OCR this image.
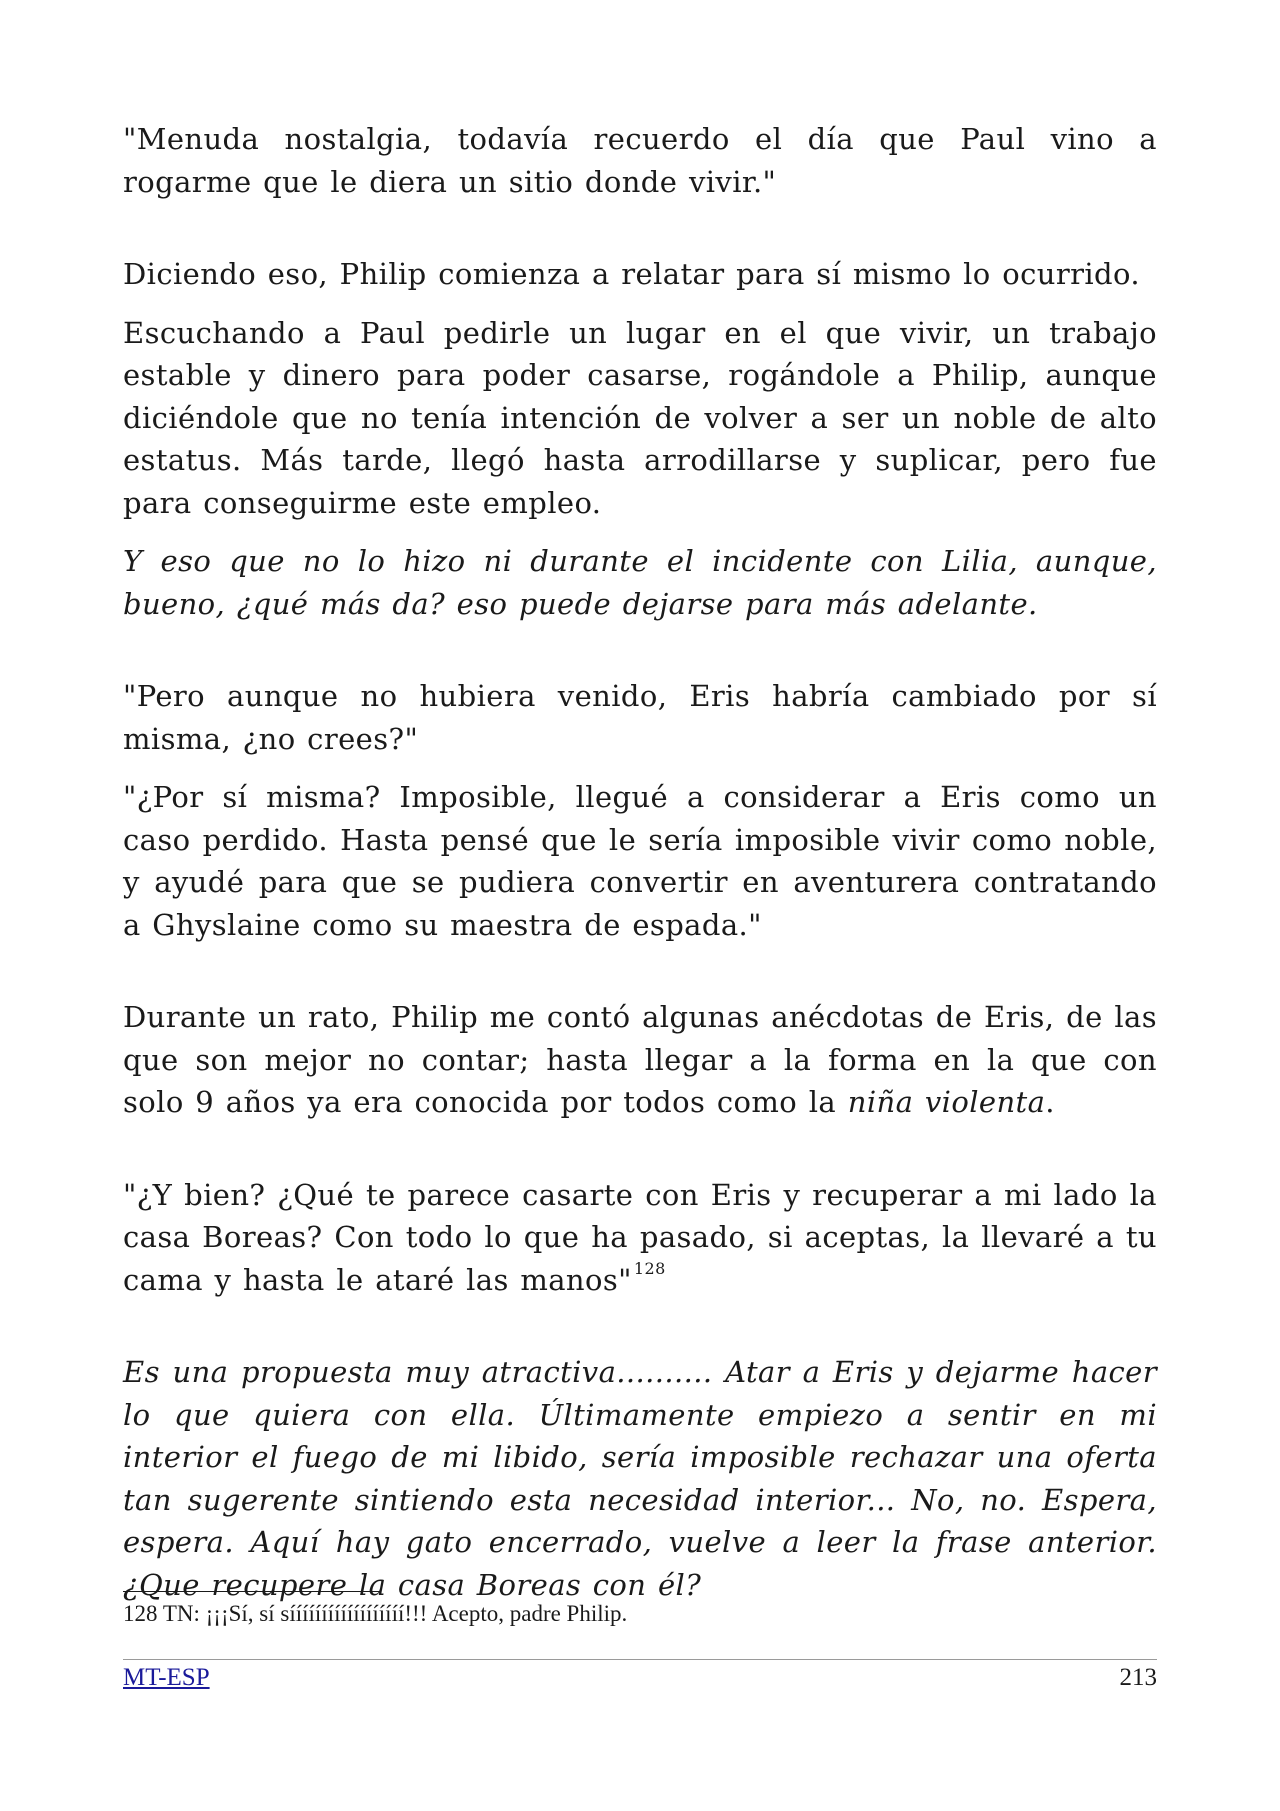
"Menuda nostalgia, todavía recuerdo el día que Paul vino a rogarme que le diera un sitio donde vivir."

Diciendo eso, Philip comienza a relatar para sí mismo lo ocurrido.

Escuchando a Paul pedirle un lugar en el que vivir, un trabajo estable y dinero para poder casarse, rogándole a Philip, aunque diciéndole que no tenía intención de volver a ser un noble de alto estatus. Más tarde, llegó hasta arrodillarse y suplicar, pero fue para conseguirme este empleo.

Y eso que no lo hizo ni durante el incidente con Lilia, aunque, bueno, ¿qué más da? eso puede dejarse para más adelante.

"Pero aunque no hubiera venido, Eris habría cambiado por sí misma, ¿no crees?"

"¿Por sí misma? Imposible, llegué a considerar a Eris como un caso perdido. Hasta pensé que le sería imposible vivir como noble, y ayudé para que se pudiera convertir en aventurera contratando a Ghyslaine como su maestra de espada."

Durante un rato, Philip me contó algunas anécdotas de Eris, de las que son mejor no contar; hasta llegar a la forma en la que con solo 9 años ya era conocida por todos como la niña violenta.

"¿Y bien? ¿Qué te parece casarte con Eris y recuperar a mi lado la casa Boreas? Con todo lo que ha pasado, si aceptas, la llevaré a tu cama y hasta le ataré las manos" $^{128}$

Es una propuesta muy atractiva.......... Atar a Eris y dejarme hacer lo que quiera con ella. Últimamente empiezo a sentir en mi interior el fuego de mi libido, sería imposible rechazar una oferta tan sugerente sintiendo esta necesidad interior... No, no. Espera, espera. Aquí hay gato encerrado, vuelve a leer la frase anterior. ¿Que recupere la casa Boreas con él?

128 TN: ¡¡¡Sí, sí síííííííííííííííííí!!! Acepto, padre Philip.
MT-ESP	213
